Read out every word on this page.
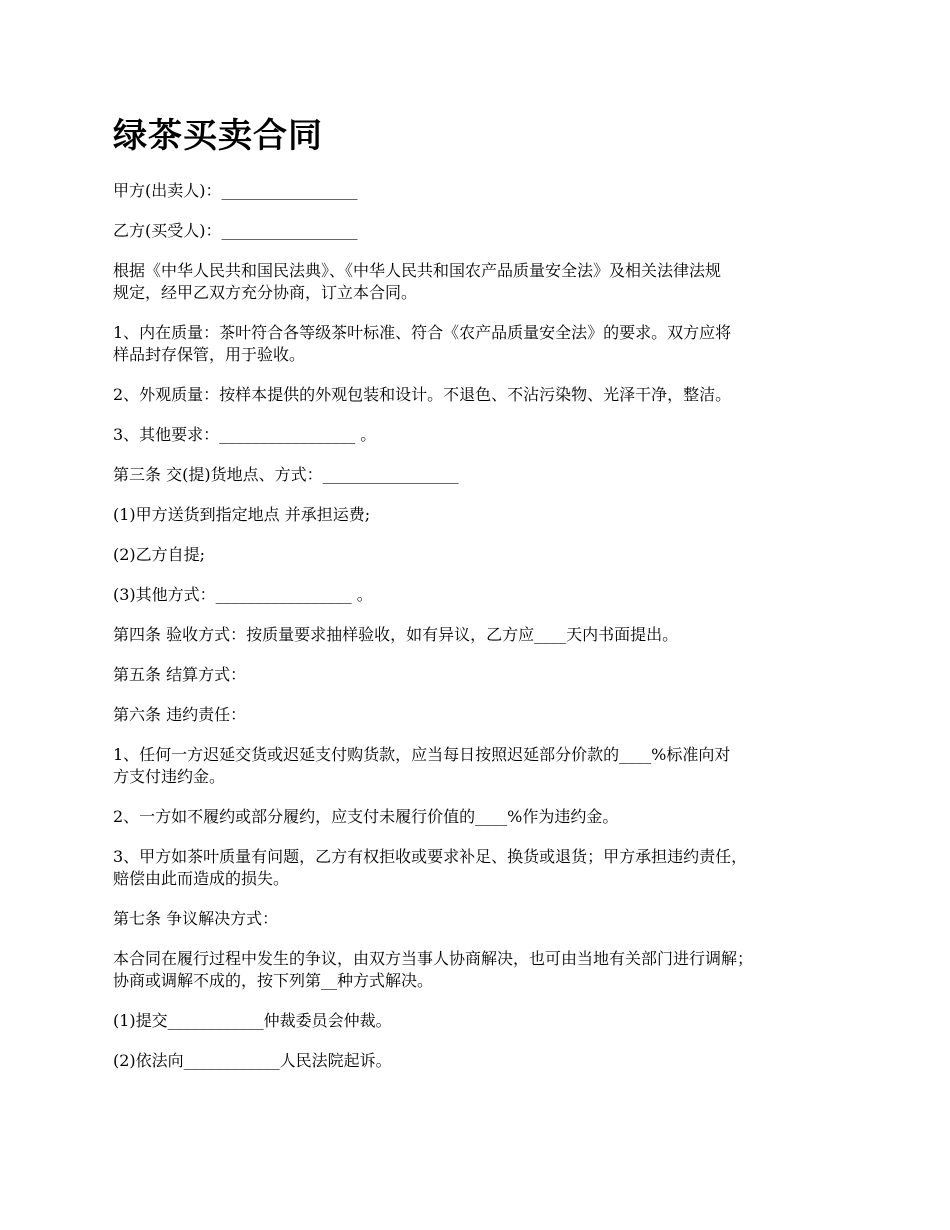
绿茶买卖合同

甲方(出卖人)：_________________

乙方(买受人)：_________________

根据《中华人民共和国民法典》、《中华人民共和国农产品质量安全法》及相关法律法规
规定，经甲乙双方充分协商，订立本合同。

1、内在质量：茶叶符合各等级茶叶标准、符合《农产品质量安全法》的要求。双方应将
样品封存保管，用于验收。

2、外观质量：按样本提供的外观包装和设计。不退色、不沾污染物、光泽干净，整洁。

3、其他要求：_________________ 。

第三条 交(提)货地点、方式：_________________

(1)甲方送货到指定地点 并承担运费;

(2)乙方自提;

(3)其他方式：_________________ 。

第四条 验收方式：按质量要求抽样验收，如有异议，乙方应____天内书面提出。

第五条 结算方式：

第六条 违约责任：

1、任何一方迟延交货或迟延支付购货款，应当每日按照迟延部分价款的____%标准向对
方支付违约金。

2、一方如不履约或部分履约，应支付未履行价值的____%作为违约金。

3、甲方如茶叶质量有问题，乙方有权拒收或要求补足、换货或退货；甲方承担违约责任，
赔偿由此而造成的损失。

第七条 争议解决方式：

本合同在履行过程中发生的争议，由双方当事人协商解决，也可由当地有关部门进行调解；
协商或调解不成的，按下列第__种方式解决。

(1)提交____________仲裁委员会仲裁。

(2)依法向____________人民法院起诉。
